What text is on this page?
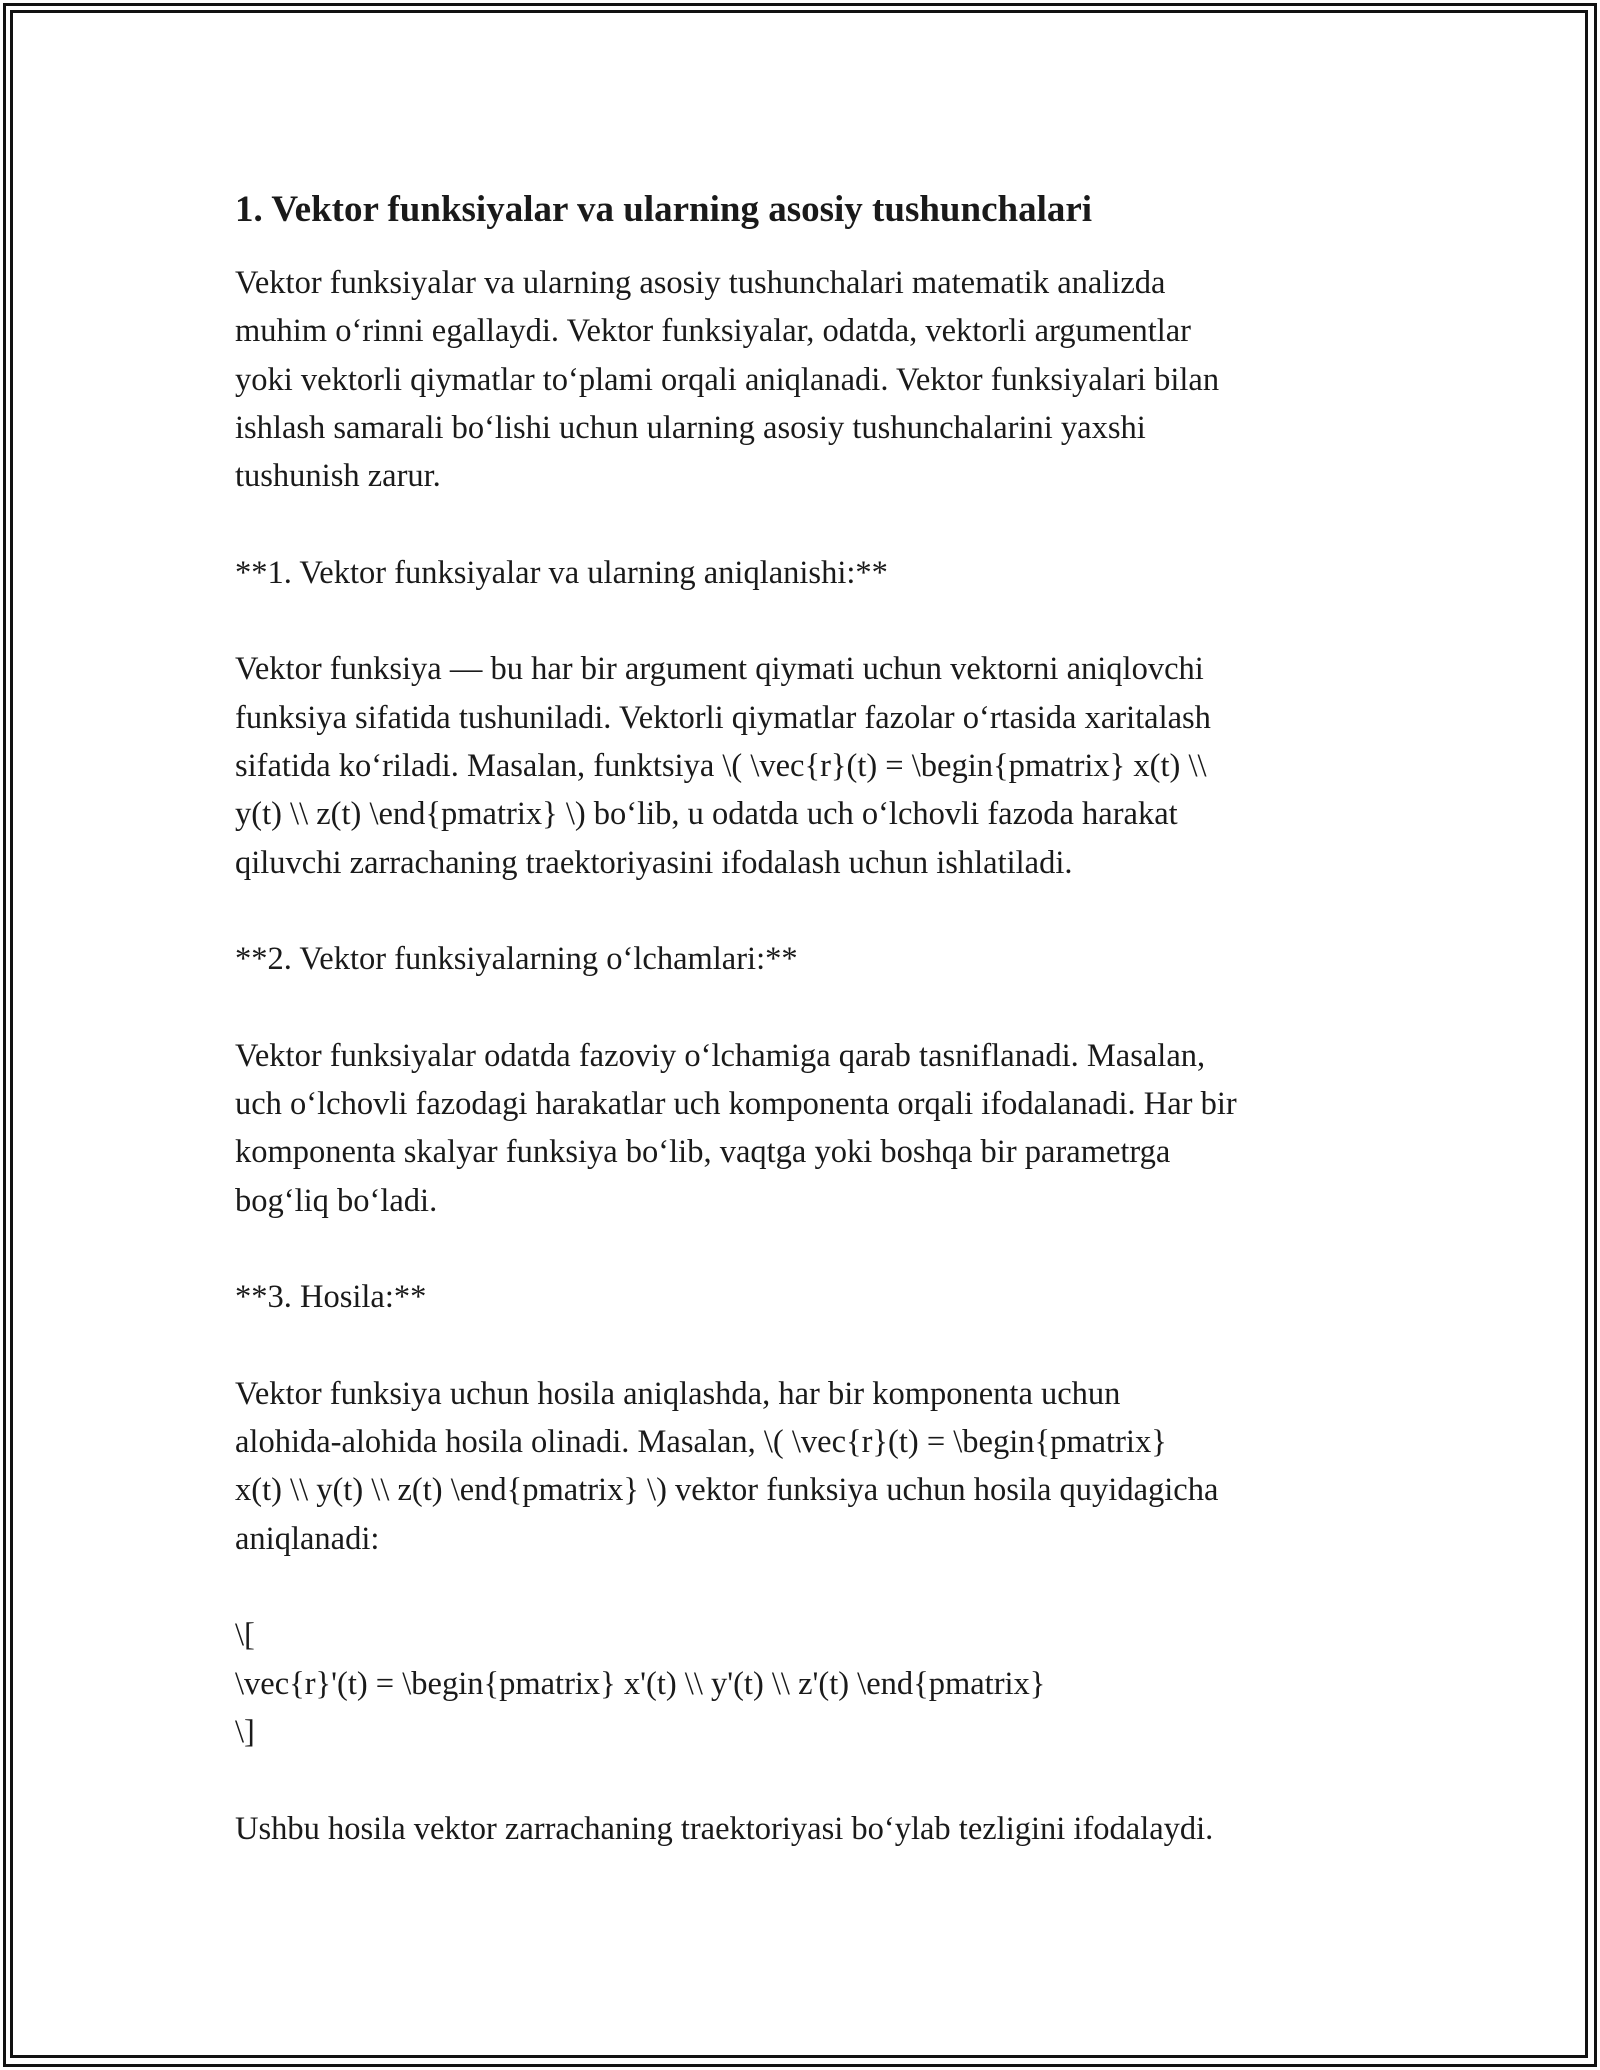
1. Vektor funksiyalar va ularning asosiy tushunchalari
Vektor funksiyalar va ularning asosiy tushunchalari matematik analizda
muhim o‘rinni egallaydi. Vektor funksiyalar, odatda, vektorli argumentlar
yoki vektorli qiymatlar to‘plami orqali aniqlanadi. Vektor funksiyalari bilan
ishlash samarali bo‘lishi uchun ularning asosiy tushunchalarini yaxshi
tushunish zarur.
**1. Vektor funksiyalar va ularning aniqlanishi:**
Vektor funksiya — bu har bir argument qiymati uchun vektorni aniqlovchi
funksiya sifatida tushuniladi. Vektorli qiymatlar fazolar o‘rtasida xaritalash
sifatida ko‘riladi. Masalan, funktsiya \( \vec{r}(t) = \begin{pmatrix} x(t) \\
y(t) \\ z(t) \end{pmatrix} \) bo‘lib, u odatda uch o‘lchovli fazoda harakat
qiluvchi zarrachaning traektoriyasini ifodalash uchun ishlatiladi.
**2. Vektor funksiyalarning o‘lchamlari:**
Vektor funksiyalar odatda fazoviy o‘lchamiga qarab tasniflanadi. Masalan,
uch o‘lchovli fazodagi harakatlar uch komponenta orqali ifodalanadi. Har bir
komponenta skalyar funksiya bo‘lib, vaqtga yoki boshqa bir parametrga
bog‘liq bo‘ladi.
**3. Hosila:**
Vektor funksiya uchun hosila aniqlashda, har bir komponenta uchun
alohida-alohida hosila olinadi. Masalan, \( \vec{r}(t) = \begin{pmatrix}
x(t) \\ y(t) \\ z(t) \end{pmatrix} \) vektor funksiya uchun hosila quyidagicha
aniqlanadi:
\[
\vec{r}'(t) = \begin{pmatrix} x'(t) \\ y'(t) \\ z'(t) \end{pmatrix}
\]
Ushbu hosila vektor zarrachaning traektoriyasi bo‘ylab tezligini ifodalaydi.
